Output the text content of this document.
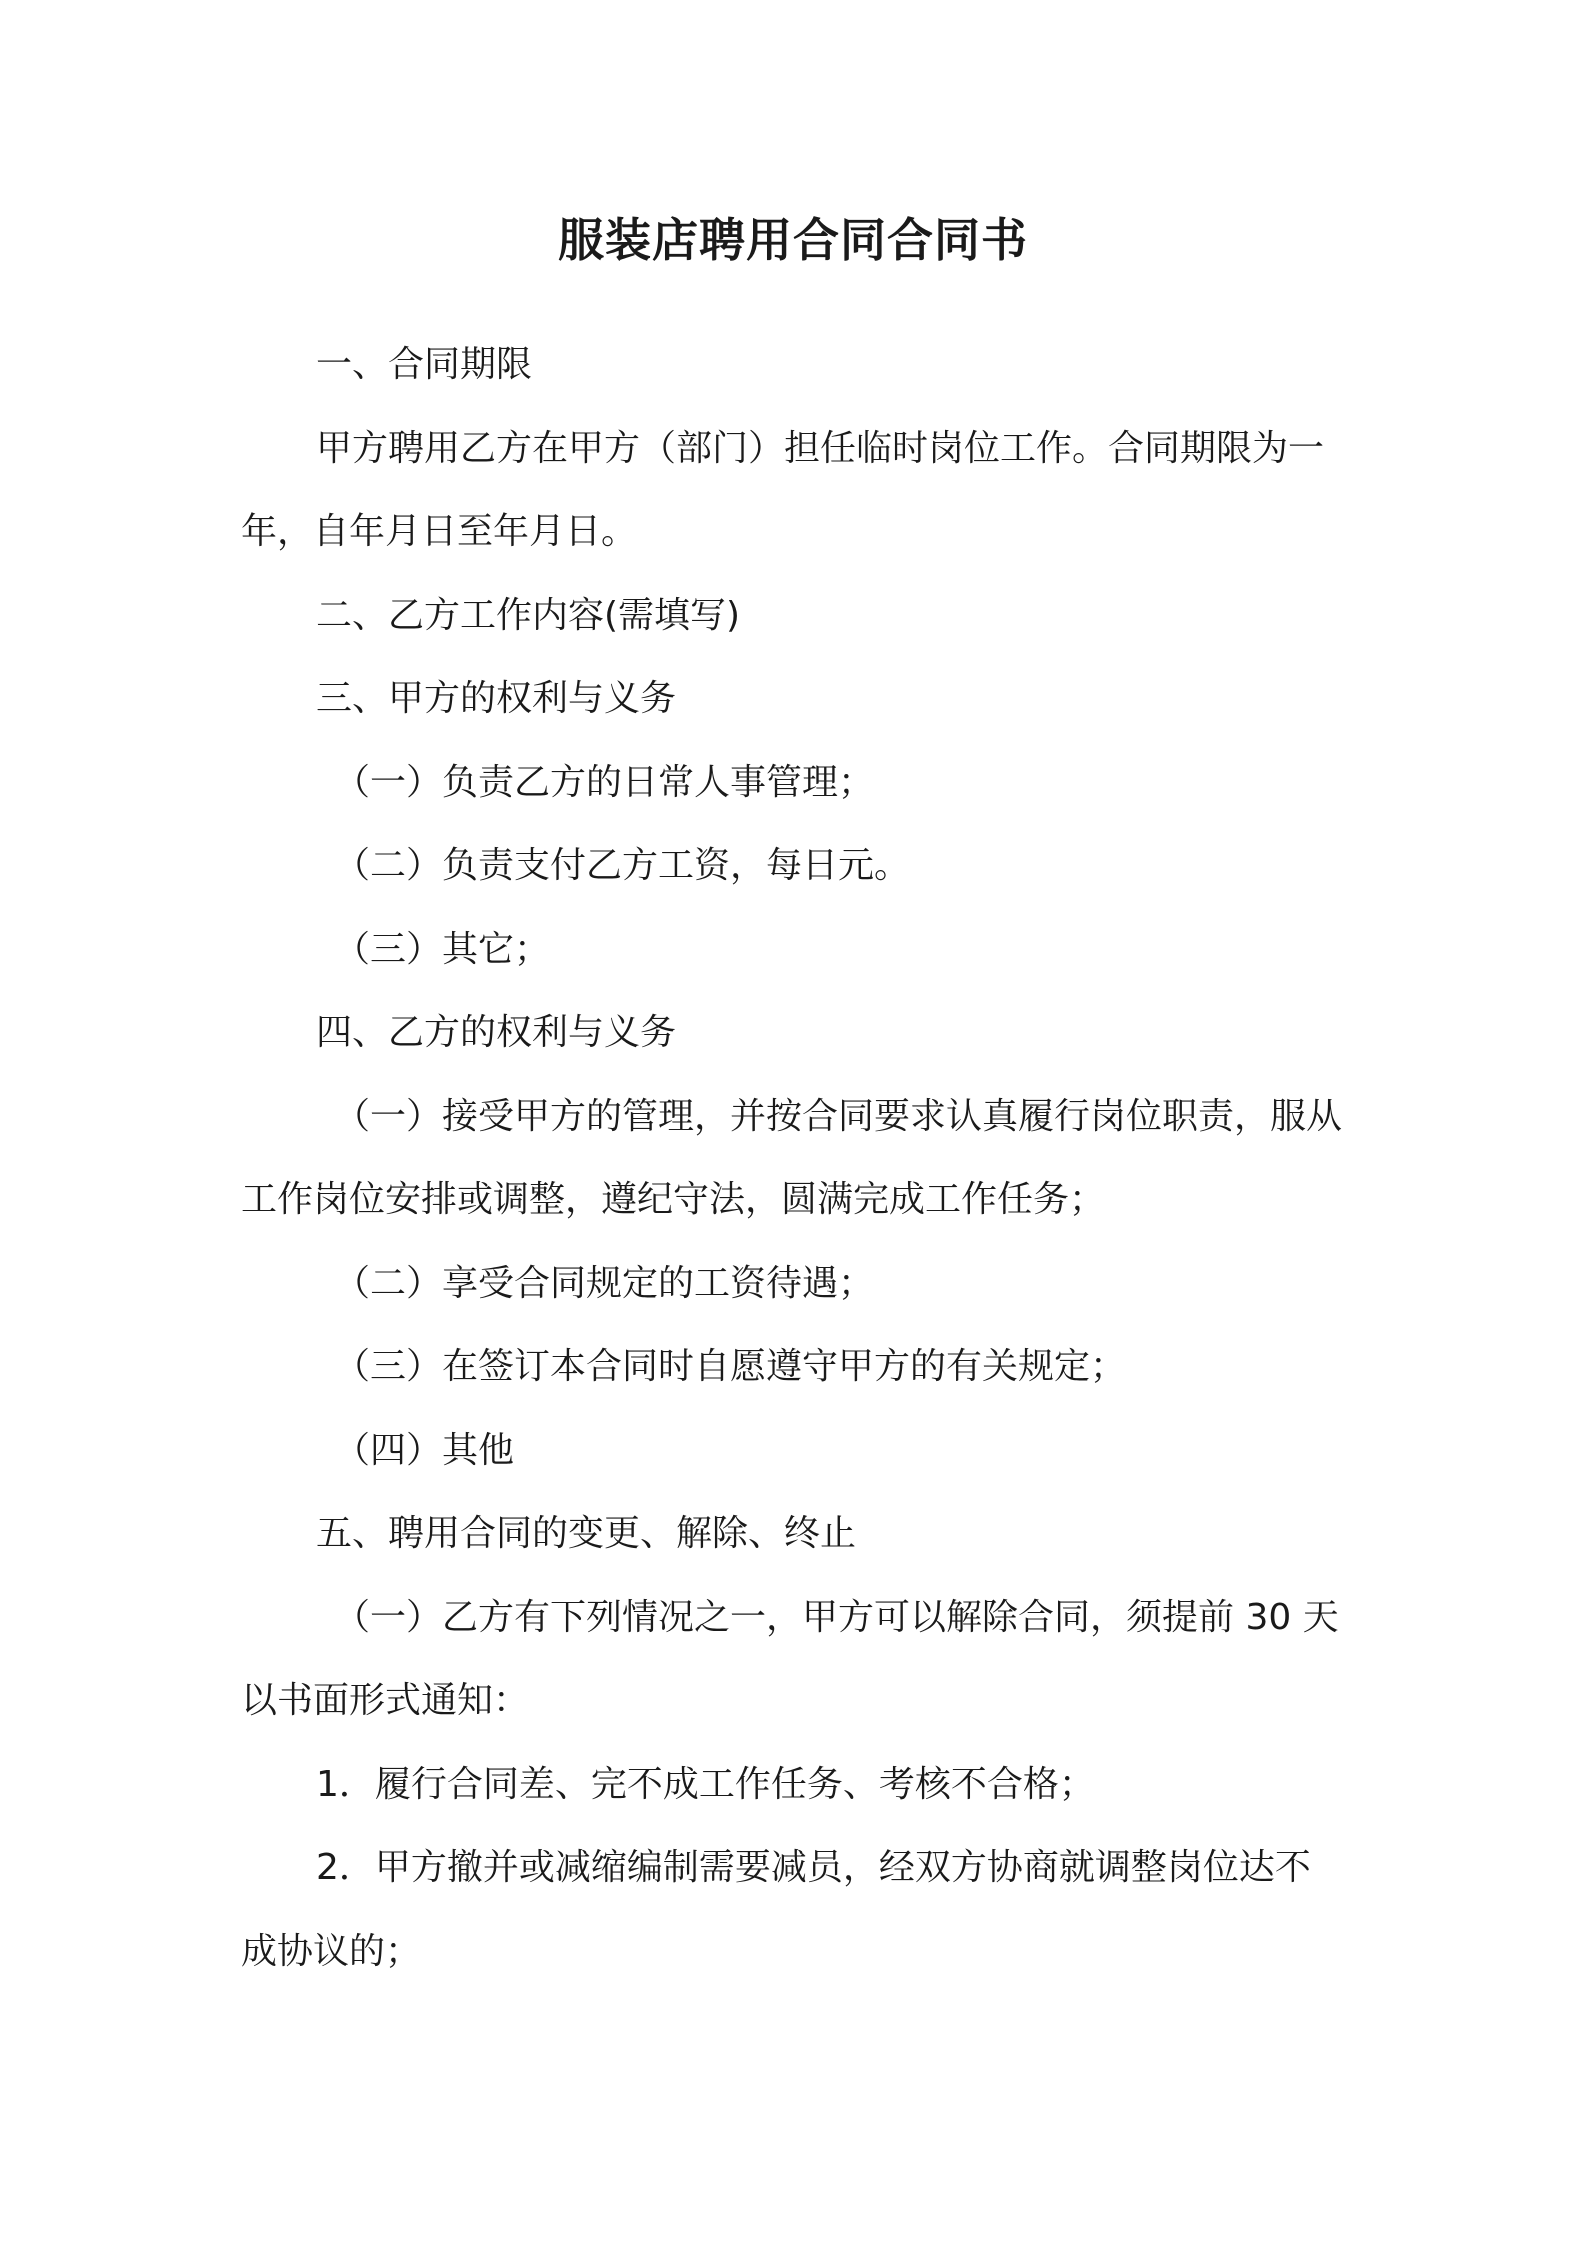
服装店聘用合同合同书

一、合同期限

甲方聘用乙方在甲方（部门）担任临时岗位工作。合同期限为一

年，自年月日至年月日。

二、乙方工作内容(需填写)

三、甲方的权利与义务

（一）负责乙方的日常人事管理；

（二）负责支付乙方工资，每日元。

（三）其它；

四、乙方的权利与义务

（一）接受甲方的管理，并按合同要求认真履行岗位职责，服从

工作岗位安排或调整，遵纪守法，圆满完成工作任务；

（二）享受合同规定的工资待遇；

（三）在签订本合同时自愿遵守甲方的有关规定；

（四）其他

五、聘用合同的变更、解除、终止

（一）乙方有下列情况之一，甲方可以解除合同，须提前 30 天

以书面形式通知：

1．履行合同差、完不成工作任务、考核不合格；

2．甲方撤并或减缩编制需要减员，经双方协商就调整岗位达不

成协议的；
